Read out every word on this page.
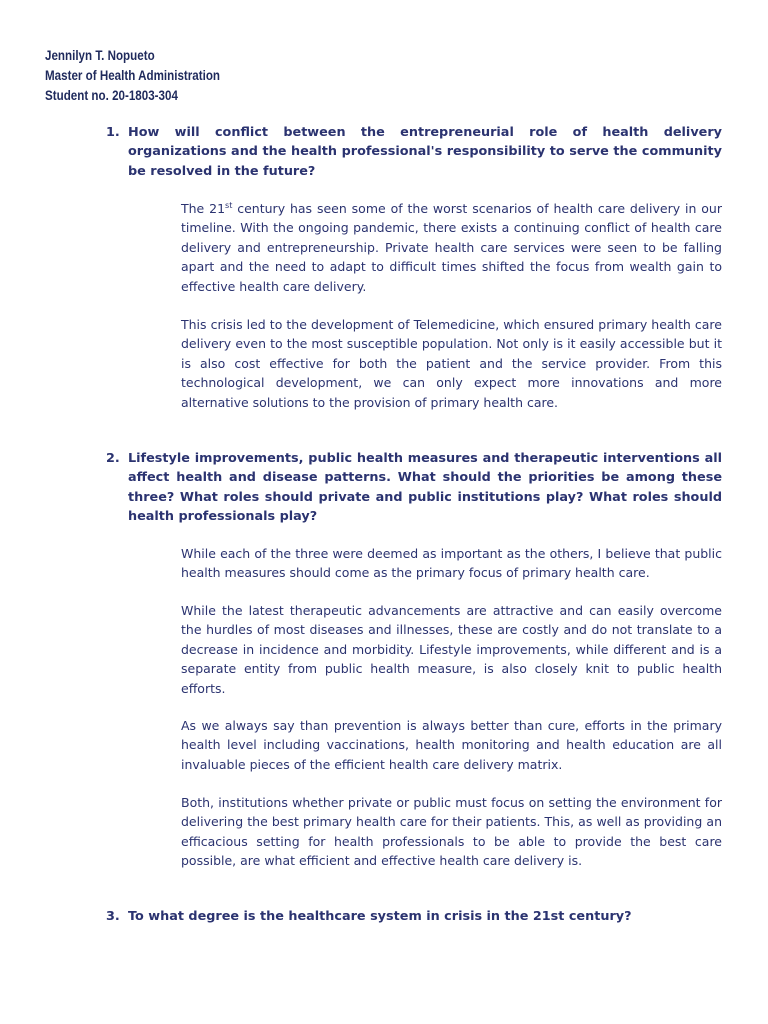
Jennilyn T. Nopueto
Master of Health Administration
Student no. 20-1803-304
1. How will conflict between the entrepreneurial role of health delivery organizations and the health professional's responsibility to serve the community be resolved in the future?

The 21st century has seen some of the worst scenarios of health care delivery in our timeline. With the ongoing pandemic, there exists a continuing conflict of health care delivery and entrepreneurship. Private health care services were seen to be falling apart and the need to adapt to difficult times shifted the focus from wealth gain to effective health care delivery.

This crisis led to the development of Telemedicine, which ensured primary health care delivery even to the most susceptible population. Not only is it easily accessible but it is also cost effective for both the patient and the service provider. From this technological development, we can only expect more innovations and more alternative solutions to the provision of primary health care.

2. Lifestyle improvements, public health measures and therapeutic interventions all affect health and disease patterns. What should the priorities be among these three? What roles should private and public institutions play? What roles should health professionals play?

While each of the three were deemed as important as the others, I believe that public health measures should come as the primary focus of primary health care.

While the latest therapeutic advancements are attractive and can easily overcome the hurdles of most diseases and illnesses, these are costly and do not translate to a decrease in incidence and morbidity. Lifestyle improvements, while different and is a separate entity from public health measure, is also closely knit to public health efforts.

As we always say than prevention is always better than cure, efforts in the primary health level including vaccinations, health monitoring and health education are all invaluable pieces of the efficient health care delivery matrix.

Both, institutions whether private or public must focus on setting the environment for delivering the best primary health care for their patients. This, as well as providing an efficacious setting for health professionals to be able to provide the best care possible, are what efficient and effective health care delivery is.

3. To what degree is the healthcare system in crisis in the 21st century?
